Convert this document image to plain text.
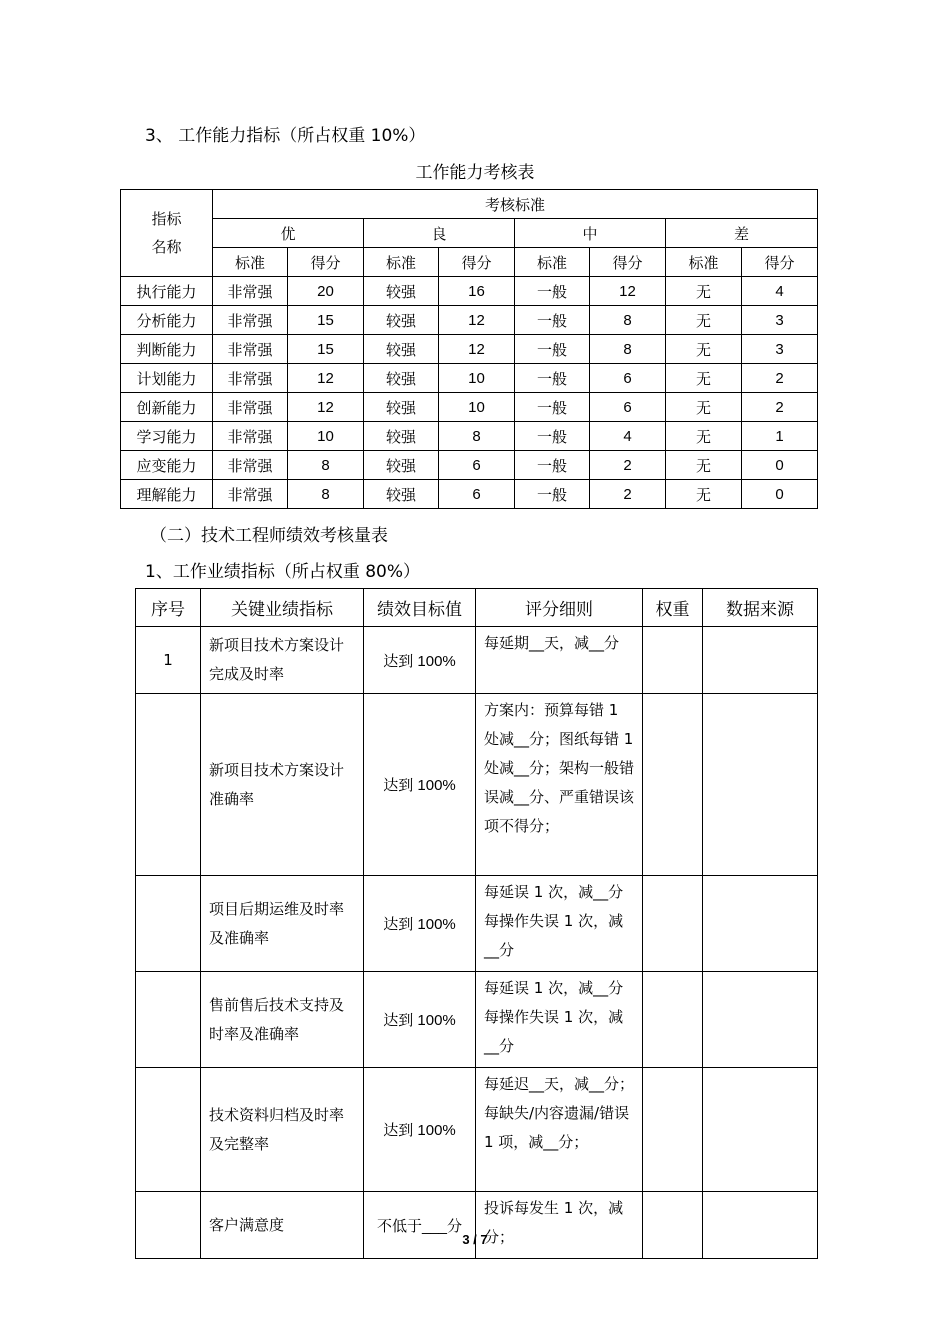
3、 工作能力指标（所占权重 10%）
工作能力考核表
指标
名称	考核标准							
	优		良		中		差	
	标准	得分	标准	得分	标准	得分	标准	得分
执行能力	非常强	20	较强	16	一般	12	无	4
分析能力	非常强	15	较强	12	一般	8	无	3
判断能力	非常强	15	较强	12	一般	8	无	3
计划能力	非常强	12	较强	10	一般	6	无	2
创新能力	非常强	12	较强	10	一般	6	无	2
学习能力	非常强	10	较强	8	一般	4	无	1
应变能力	非常强	8	较强	6	一般	2	无	0
理解能力	非常强	8	较强	6	一般	2	无	0
（二）技术工程师绩效考核量表
1、工作业绩指标（所占权重 80%）
序号	关键业绩指标	绩效目标值	评分细则	权重	数据来源
1	新项目技术方案设计完成及时率	达到 100%	每延期__天，减__分		
	新项目技术方案设计准确率	达到 100%	方案内：预算每错 1 处减__分；图纸每错 1 处减__分；架构一般错误减__分、严重错误该项不得分；		
	项目后期运维及时率及准确率	达到 100%	每延误 1 次，减__分每操作失误 1 次，减__分		
	售前售后技术支持及时率及准确率	达到 100%	每延误 1 次，减__分每操作失误 1 次，减__分		
	技术资料归档及时率及完整率	达到 100%	每延迟__天，减__分；每缺失/内容遗漏/错误 1 项，减__分；		
	客户满意度	不低于___分	投诉每发生 1 次，减分；		
3 / 7
